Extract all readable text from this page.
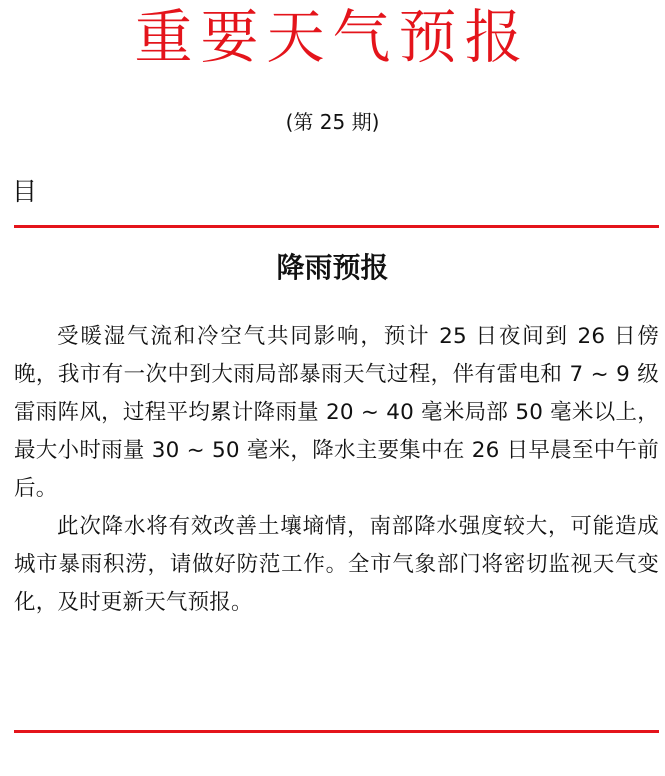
重要天气预报
(第 25 期)
目
降雨预报

受暖湿气流和冷空气共同影响，预计 25 日夜间到 26 日傍晚，我市有一次中到大雨局部暴雨天气过程，伴有雷电和 7 ~ 9 级雷雨阵风，过程平均累计降雨量 20 ~ 40 毫米局部 50 毫米以上，最大小时雨量 30 ~ 50 毫米，降水主要集中在 26 日早晨至中午前后。

此次降水将有效改善土壤墒情，南部降水强度较大，可能造成城市暴雨积涝，请做好防范工作。全市气象部门将密切监视天气变化，及时更新天气预报。
